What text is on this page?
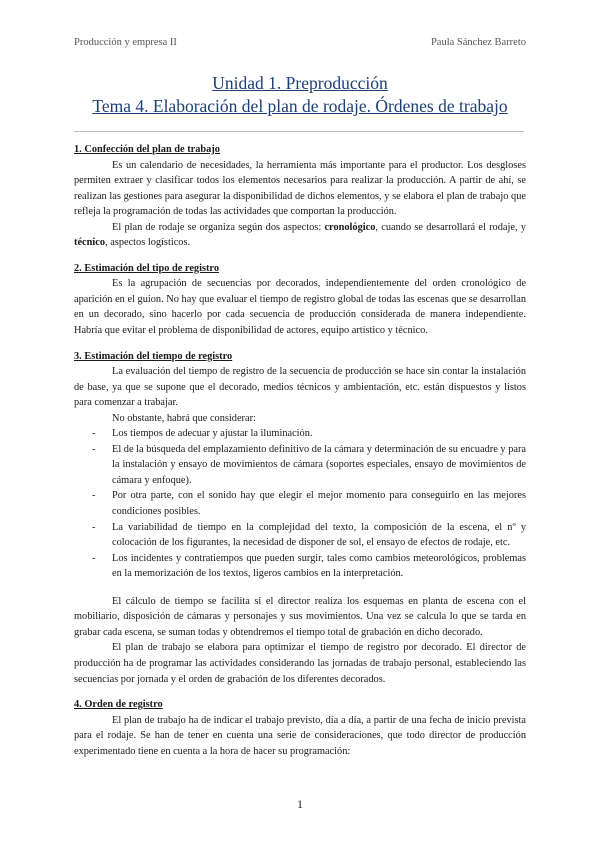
Producción y empresa II	Paula Sánchez Barreto
Unidad 1. Preproducción
Tema 4. Elaboración del plan de rodaje. Órdenes de trabajo
1. Confección del plan de trabajo

Es un calendario de necesidades, la herramienta más importante para el productor. Los desgloses permiten extraer y clasificar todos los elementos necesarios para realizar la producción. A partir de ahí, se realizan las gestiones para asegurar la disponibilidad de dichos elementos, y se elabora el plan de trabajo que refleja la programación de todas las actividades que comportan la producción.

El plan de rodaje se organiza según dos aspectos: cronológico, cuando se desarrollará el rodaje, y técnico, aspectos logísticos.

2. Estimación del tipo de registro

Es la agrupación de secuencias por decorados, independientemente del orden cronológico de aparición en el guion. No hay que evaluar el tiempo de registro global de todas las escenas que se desarrollan en un decorado, sino hacerlo por cada secuencia de producción considerada de manera independiente. Habría que evitar el problema de disponibilidad de actores, equipo artístico y técnico.

3. Estimación del tiempo de registro

La evaluación del tiempo de registro de la secuencia de producción se hace sin contar la instalación de base, ya que se supone que el decorado, medios técnicos y ambientación, etc. están dispuestos y listos para comenzar a trabajar.

No obstante, habrá que considerar:

- Los tiempos de adecuar y ajustar la iluminación.
- El de la búsqueda del emplazamiento definitivo de la cámara y determinación de su encuadre y para la instalación y ensayo de movimientos de cámara (soportes especiales, ensayo de movimientos de cámara y enfoque).
- Por otra parte, con el sonido hay que elegir el mejor momento para conseguirlo en las mejores condiciones posibles.
- La variabilidad de tiempo en la complejidad del texto, la composición de la escena, el nº y colocación de los figurantes, la necesidad de disponer de sol, el ensayo de efectos de rodaje, etc.
- Los incidentes y contratiempos que pueden surgir, tales como cambios meteorológicos, problemas en la memorización de los textos, ligeros cambios en la interpretación.

El cálculo de tiempo se facilita si el director realiza los esquemas en planta de escena con el mobiliario, disposición de cámaras y personajes y sus movimientos. Una vez se calcula lo que se tarda en grabar cada escena, se suman todas y obtendremos el tiempo total de grabación en dicho decorado.

El plan de trabajo se elabora para optimizar el tiempo de registro por decorado. El director de producción ha de programar las actividades considerando las jornadas de trabajo personal, estableciendo las secuencias por jornada y el orden de grabación de los diferentes decorados.

4. Orden de registro

El plan de trabajo ha de indicar el trabajo previsto, día a día, a partir de una fecha de inicio prevista para el rodaje. Se han de tener en cuenta una serie de consideraciones, que todo director de producción experimentado tiene en cuenta a la hora de hacer su programación:

1
